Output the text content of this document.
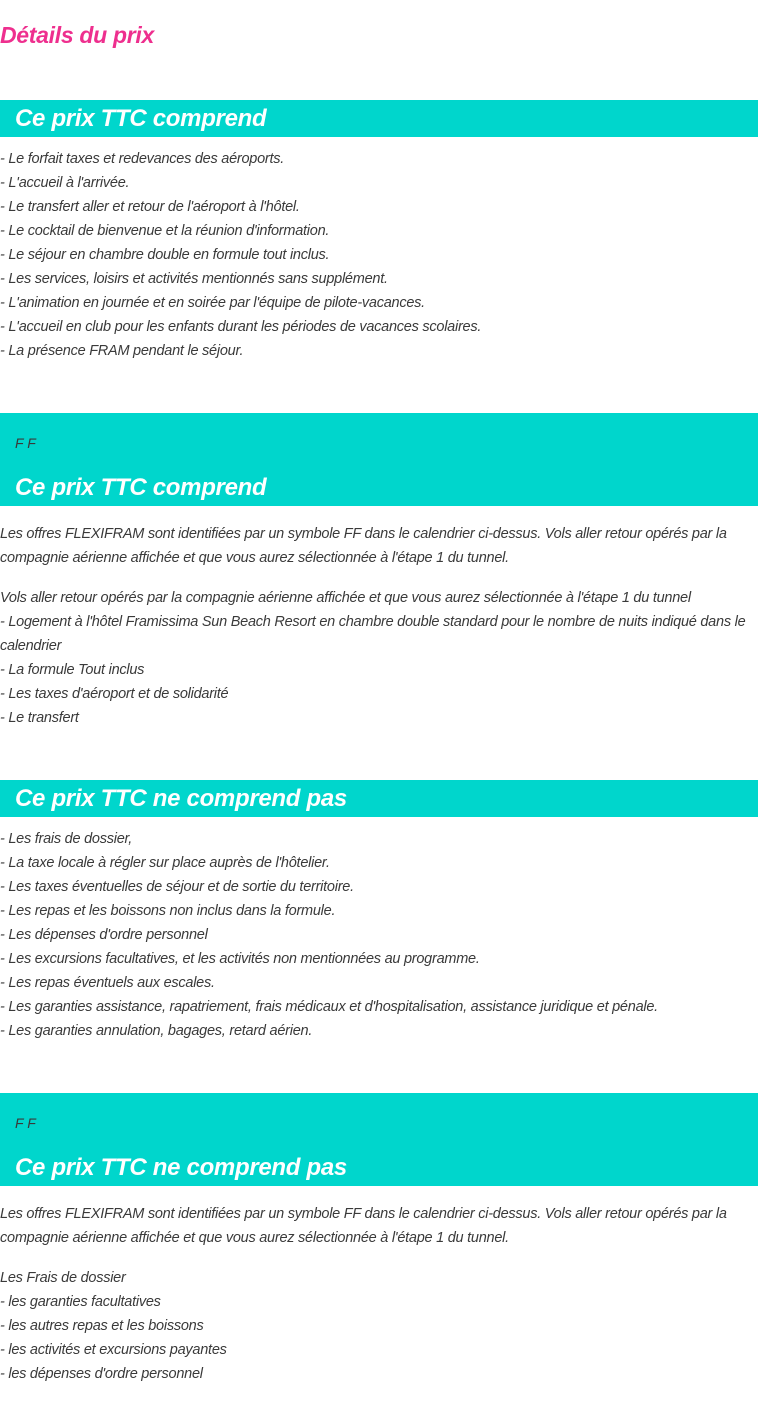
Détails du prix
Ce prix TTC comprend
- Le forfait taxes et redevances des aéroports.
- L'accueil à l'arrivée.
- Le transfert aller et retour de l'aéroport à l'hôtel.
- Le cocktail de bienvenue et la réunion d'information.
- Le séjour en chambre double en formule tout inclus.
- Les services, loisirs et activités mentionnés sans supplément.
- L'animation en journée et en soirée par l'équipe de pilote-vacances.
- L'accueil en club pour les enfants durant les périodes de vacances scolaires.
- La présence FRAM pendant le séjour.
F F
Ce prix TTC comprend
Les offres FLEXIFRAM sont identifiées par un symbole FF dans le calendrier ci-dessus. Vols aller retour opérés par la compagnie aérienne affichée et que vous aurez sélectionnée à l'étape 1 du tunnel.
Vols aller retour opérés par la compagnie aérienne affichée et que vous aurez sélectionnée à l'étape 1 du tunnel
- Logement à l'hôtel Framissima Sun Beach Resort en chambre double standard pour le nombre de nuits indiqué dans le calendrier
- La formule Tout inclus
- Les taxes d'aéroport et de solidarité
- Le transfert
Ce prix TTC ne comprend pas
- Les frais de dossier,
- La taxe locale à régler sur place auprès de l'hôtelier.
- Les taxes éventuelles de séjour et de sortie du territoire.
- Les repas et les boissons non inclus dans la formule.
- Les dépenses d'ordre personnel
- Les excursions facultatives, et les activités non mentionnées au programme.
- Les repas éventuels aux escales.
- Les garanties assistance, rapatriement, frais médicaux et d'hospitalisation, assistance juridique et pénale.
- Les garanties annulation, bagages, retard aérien.
F F
Ce prix TTC ne comprend pas
Les offres FLEXIFRAM sont identifiées par un symbole FF dans le calendrier ci-dessus. Vols aller retour opérés par la compagnie aérienne affichée et que vous aurez sélectionnée à l'étape 1 du tunnel.
Les Frais de dossier
- les garanties facultatives
- les autres repas et les boissons
- les activités et excursions payantes
- les dépenses d'ordre personnel
